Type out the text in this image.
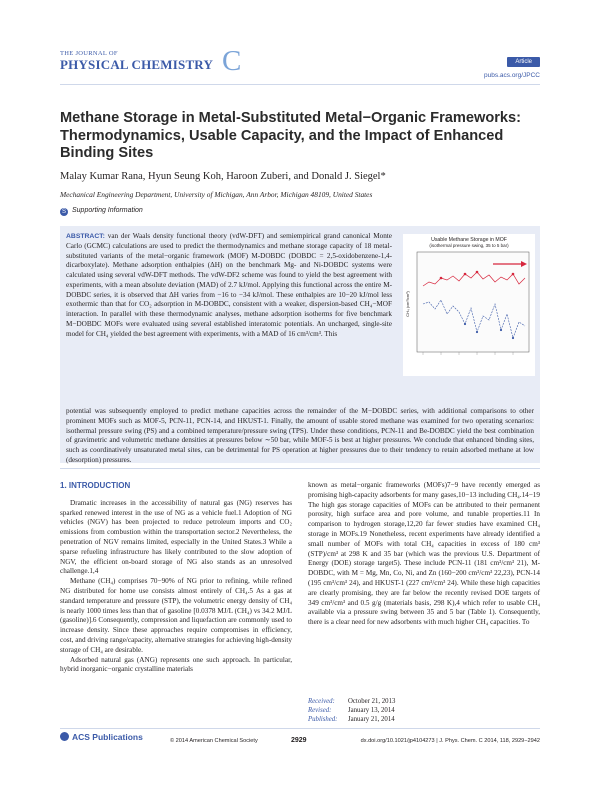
THE JOURNAL OF
PHYSICAL CHEMISTRY C	Article
pubs.acs.org/JPCC
Methane Storage in Metal-Substituted Metal−Organic Frameworks: Thermodynamics, Usable Capacity, and the Impact of Enhanced Binding Sites
Malay Kumar Rana, Hyun Seung Koh, Haroon Zuberi, and Donald J. Siegel*
Mechanical Engineering Department, University of Michigan, Ann Arbor, Michigan 48109, United States
S Supporting Information
ABSTRACT: van der Waals density functional theory (vdW-DFT) and semiempirical grand canonical Monte Carlo (GCMC) calculations are used to predict the thermodynamics and methane storage capacity of 18 metal-substituted variants of the metal−organic framework (MOF) M-DOBDC (DOBDC = 2,5-oxidobenzene-1,4-dicarboxylate). Methane adsorption enthalpies (ΔH) on the benchmark Mg- and Ni-DOBDC systems were calculated using several vdW-DFT methods. The vdW-DF2 scheme was found to yield the best agreement with experiments, with a mean absolute deviation (MAD) of 2.7 kJ/mol. Applying this functional across the entire M-DOBDC series, it is observed that ΔH varies from −16 to −34 kJ/mol. These enthalpies are 10−20 kJ/mol less exothermic than that for CO₂ adsorption in M-DOBDC, consistent with a weaker, dispersion-based CH₄−MOF interaction. In parallel with these thermodynamic analyses, methane adsorption isotherms for five benchmark M−DOBDC MOFs were evaluated using several established interatomic potentials. An uncharged, single-site model for CH₄ yielded the best agreement with experiments, with a MAD of 16 cm³/cm³. This
potential was subsequently employed to predict methane capacities across the remainder of the M−DOBDC series, with additional comparisons to other prominent MOFs such as MOF-5, PCN-11, PCN-14, and HKUST-1. Finally, the amount of usable stored methane was examined for two operating scenarios: isothermal pressure swing (PS) and a combined temperature/pressure swing (TPS). Under these conditions, PCN-11 and Be-DOBDC yield the best combination of gravimetric and volumetric methane densities at pressures below ∼50 bar, while MOF-5 is best at higher pressures. We conclude that enhanced binding sites, such as coordinatively unsaturated metal sites, can be detrimental for PS operation at higher pressures due to their tendency to retain adsorbed methane at low (desorption) pressures.
Usable Methane Storage in MOF
(isothermal pressure swing, 35 to 5 bar)
CH₄ (cm³/cm³)
1. INTRODUCTION

Dramatic increases in the accessibility of natural gas (NG) reserves has sparked renewed interest in the use of NG as a vehicle fuel.1 Adoption of NG vehicles (NGV) has been projected to reduce petroleum imports and CO₂ emissions from combustion within the transportation sector.2 Nevertheless, the penetration of NGV remains limited, especially in the United States.3 While a sparse refueling infrastructure has likely contributed to the slow adoption of NGV, the efficient on-board storage of NG also stands as an unresolved challenge.1,4

Methane (CH₄) comprises 70−90% of NG prior to refining, while refined NG distributed for home use consists almost entirely of CH₄.5 As a gas at standard temperature and pressure (STP), the volumetric energy density of CH₄ is nearly 1000 times less than that of gasoline [0.0378 MJ/L (CH₄) vs 34.2 MJ/L (gasoline)].6 Consequently, compression and liquefaction are commonly used to increase density. Since these approaches require compromises in efficiency, cost, and driving range/capacity, alternative strategies for achieving high-density storage of CH₄ are desirable.

Adsorbed natural gas (ANG) represents one such approach. In particular, hybrid inorganic−organic crystalline materials

known as metal−organic frameworks (MOFs)7−9 have recently emerged as promising high-capacity adsorbents for many gases,10−13 including CH₄.14−19 The high gas storage capacities of MOFs can be attributed to their permanent porosity, high surface area and pore volume, and tunable properties.11 In comparison to hydrogen storage,12,20 far fewer studies have examined CH₄ storage in MOFs.19 Nonetheless, recent experiments have already identified a small number of MOFs with total CH₄ capacities in excess of 180 cm³ (STP)/cm³ at 298 K and 35 bar (which was the previous U.S. Department of Energy (DOE) storage target5). These include PCN-11 (181 cm³/cm³ 21), M-DOBDC, with M = Mg, Mn, Co, Ni, and Zn (160−200 cm³/cm³ 22,23), PCN-14 (195 cm³/cm³ 24), and HKUST-1 (227 cm³/cm³ 24). While these high capacities are clearly promising, they are far below the recently revised DOE targets of 349 cm³/cm³ and 0.5 g/g (materials basis, 298 K),4 which refer to usable CH₄ available via a pressure swing between 35 and 5 bar (Table 1). Consequently, there is a clear need for new adsorbents with much higher CH₄ capacities. To

Received: October 21, 2013
Revised: January 13, 2014
Published: January 21, 2014
ACS Publications	© 2014 American Chemical Society	2929	dx.doi.org/10.1021/jp4104273 | J. Phys. Chem. C 2014, 118, 2929−2942
